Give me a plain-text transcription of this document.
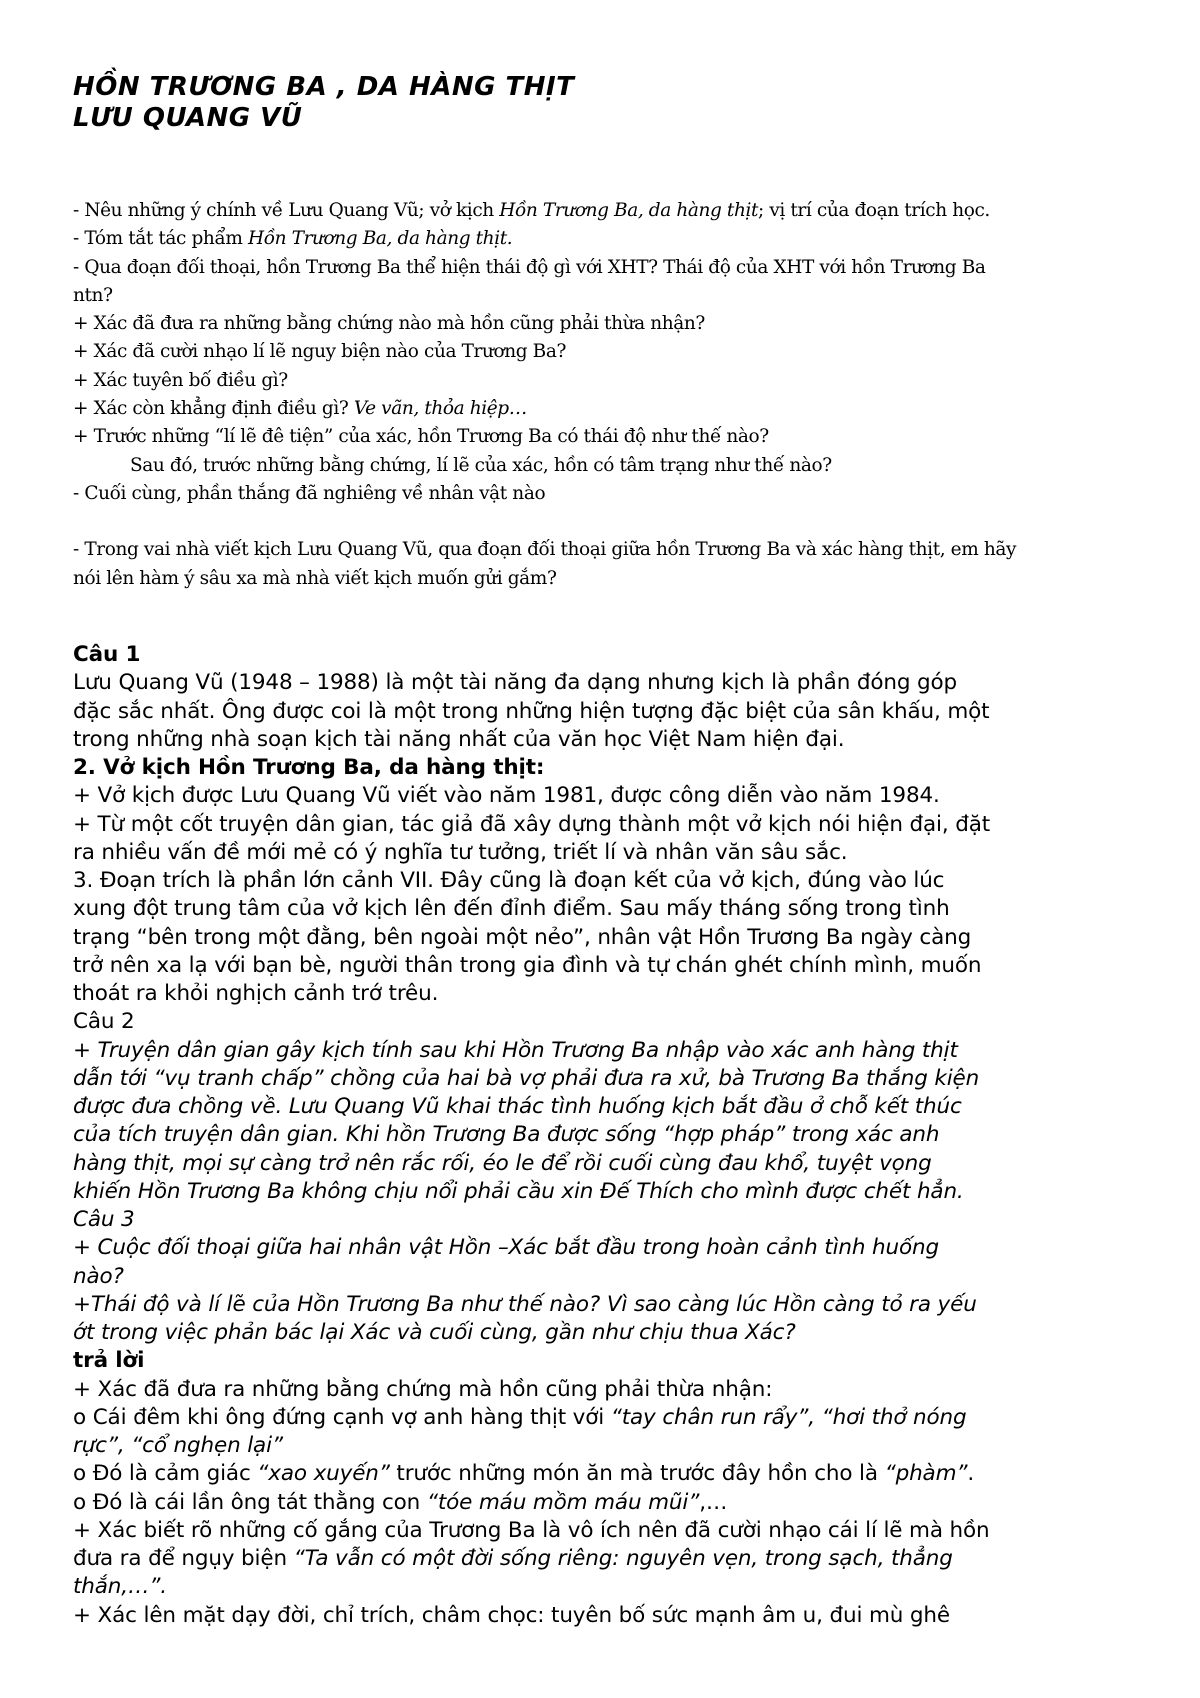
HỒN TRƯƠNG BA , DA HÀNG THỊT
LƯU QUANG VŨ
- Nêu những ý chính về Lưu Quang Vũ; vở kịch Hồn Trương Ba, da hàng thịt; vị trí của đoạn trích học.
- Tóm tắt tác phẩm Hồn Trương Ba, da hàng thịt.
- Qua đoạn đối thoại, hồn Trương Ba thể hiện thái độ gì với XHT? Thái độ của XHT với hồn Trương Ba
ntn?
+ Xác đã đưa ra những bằng chứng nào mà hồn cũng phải thừa nhận?
+ Xác đã cười nhạo lí lẽ nguy biện nào của Trương Ba?
+ Xác tuyên bố điều gì?
+ Xác còn khẳng định điều gì? Ve vãn, thỏa hiệp…
+ Trước những “lí lẽ đê tiện” của xác, hồn Trương Ba có thái độ như thế nào?
Sau đó, trước những bằng chứng, lí lẽ của xác, hồn có tâm trạng như thế nào?
- Cuối cùng, phần thắng đã nghiêng về nhân vật nào
- Trong vai nhà viết kịch Lưu Quang Vũ, qua đoạn đối thoại giữa hồn Trương Ba và xác hàng thịt, em hãy
nói lên hàm ý sâu xa mà nhà viết kịch muốn gửi gắm?
Câu 1
Lưu Quang Vũ (1948 – 1988) là một tài năng đa dạng nhưng kịch là phần đóng góp
đặc sắc nhất. Ông được coi là một trong những hiện tượng đặc biệt của sân khấu, một
trong những nhà soạn kịch tài năng nhất của văn học Việt Nam hiện đại.
2. Vở kịch Hồn Trương Ba, da hàng thịt:
+ Vở kịch được Lưu Quang Vũ viết vào năm 1981, được công diễn vào năm 1984.
+ Từ một cốt truyện dân gian, tác giả đã xây dựng thành một vở kịch nói hiện đại, đặt
ra nhiều vấn đề mới mẻ có ý nghĩa tư tưởng, triết lí và nhân văn sâu sắc.
3. Đoạn trích là phần lớn cảnh VII. Đây cũng là đoạn kết của vở kịch, đúng vào lúc
xung đột trung tâm của vở kịch lên đến đỉnh điểm. Sau mấy tháng sống trong tình
trạng “bên trong một đằng, bên ngoài một nẻo”, nhân vật Hồn Trương Ba ngày càng
trở nên xa lạ với bạn bè, người thân trong gia đình và tự chán ghét chính mình, muốn
thoát ra khỏi nghịch cảnh trớ trêu.
Câu 2
+ Truyện dân gian gây kịch tính sau khi Hồn Trương Ba nhập vào xác anh hàng thịt
dẫn tới “vụ tranh chấp” chồng của hai bà vợ phải đưa ra xử, bà Trương Ba thắng kiện
được đưa chồng về. Lưu Quang Vũ khai thác tình huống kịch bắt đầu ở chỗ kết thúc
của tích truyện dân gian. Khi hồn Trương Ba được sống “hợp pháp” trong xác anh
hàng thịt, mọi sự càng trở nên rắc rối, éo le để rồi cuối cùng đau khổ, tuyệt vọng
khiến Hồn Trương Ba không chịu nổi phải cầu xin Đế Thích cho mình được chết hẳn.
Câu 3
+ Cuộc đối thoại giữa hai nhân vật Hồn –Xác bắt đầu trong hoàn cảnh tình huống
nào?
+Thái độ và lí lẽ của Hồn Trương Ba như thế nào? Vì sao càng lúc Hồn càng tỏ ra yếu
ớt trong việc phản bác lại Xác và cuối cùng, gần như chịu thua Xác?
trả lời
+ Xác đã đưa ra những bằng chứng mà hồn cũng phải thừa nhận:
o Cái đêm khi ông đứng cạnh vợ anh hàng thịt với “tay chân run rẩy”, “hơi thở nóng
rực”, “cổ nghẹn lại”
o Đó là cảm giác “xao xuyến” trước những món ăn mà trước đây hồn cho là “phàm”.
o Đó là cái lần ông tát thằng con “tóe máu mồm máu mũi”,…
+ Xác biết rõ những cố gắng của Trương Ba là vô ích nên đã cười nhạo cái lí lẽ mà hồn
đưa ra để ngụy biện “Ta vẫn có một đời sống riêng: nguyên vẹn, trong sạch, thẳng
thắn,…”.
+ Xác lên mặt dạy đời, chỉ trích, châm chọc: tuyên bố sức mạnh âm u, đui mù ghê
